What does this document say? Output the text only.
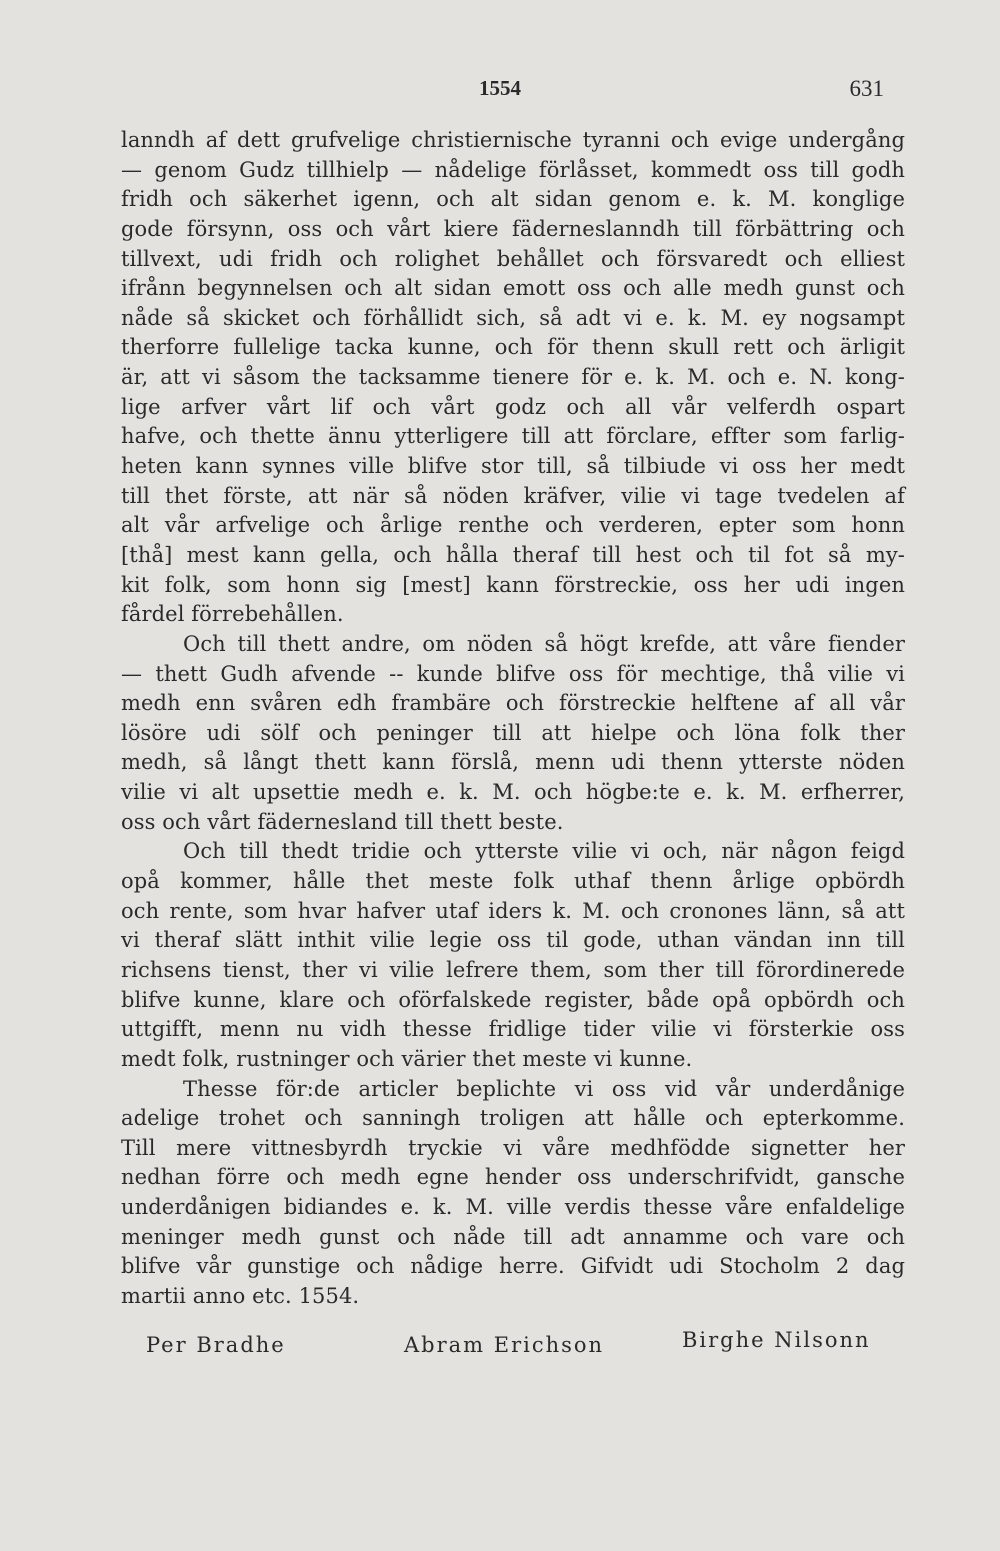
1554	631
lanndh af dett grufvelige christiernische tyranni och evige undergång
— genom Gudz tillhielp — nådelige förlåsset, kommedt oss till godh
fridh och säkerhet igenn, och alt sidan genom e. k. M. konglige
gode försynn, oss och vårt kiere fäderneslanndh till förbättring och
tillvext, udi fridh och rolighet behållet och försvaredt och elliest
ifrånn begynnelsen och alt sidan emott oss och alle medh gunst och
nåde så skicket och förhållidt sich, så adt vi e. k. M. ey nogsampt
therforre fullelige tacka kunne, och för thenn skull rett och ärligit
är, att vi såsom the tacksamme tienere för e. k. M. och e. N. kong-
lige arfver vårt lif och vårt godz och all vår velferdh ospart
hafve, och thette ännu ytterligere till att förclare, effter som farlig-
heten kann synnes ville blifve stor till, så tilbiude vi oss her medt
till thet förste, att när så nöden kräfver, vilie vi tage tvedelen af
alt vår arfvelige och årlige renthe och verderen, epter som honn
[thå] mest kann gella, och hålla theraf till hest och til fot så my-
kit folk, som honn sig [mest] kann förstreckie, oss her udi ingen
fårdel förrebehållen.
Och till thett andre, om nöden så högt krefde, att våre fiender
— thett Gudh afvende -- kunde blifve oss för mechtige, thå vilie vi
medh enn svåren edh frambäre och förstreckie helftene af all vår
lösöre udi sölf och peninger till att hielpe och löna folk ther
medh, så långt thett kann förslå, menn udi thenn ytterste nöden
vilie vi alt upsettie medh e. k. M. och högbe:te e. k. M. erfherrer,
oss och vårt fädernesland till thett beste.
Och till thedt tridie och ytterste vilie vi och, när någon feigd
opå kommer, hålle thet meste folk uthaf thenn årlige opbördh
och rente, som hvar hafver utaf iders k. M. och cronones länn, så att
vi theraf slätt inthit vilie legie oss til gode, uthan vändan inn till
richsens tienst, ther vi vilie lefrere them, som ther till förordinerede
blifve kunne, klare och oförfalskede register, både opå opbördh och
uttgifft, menn nu vidh thesse fridlige tider vilie vi försterkie oss
medt folk, rustninger och värier thet meste vi kunne.
Thesse för:de articler beplichte vi oss vid vår underdånige
adelige trohet och sanningh troligen att hålle och epterkomme.
Till mere vittnesbyrdh tryckie vi våre medhfödde signetter her
nedhan förre och medh egne hender oss underschrifvidt, gansche
underdånigen bidiandes e. k. M. ville verdis thesse våre enfaldelige
meninger medh gunst och nåde till adt annamme och vare och
blifve vår gunstige och nådige herre. Gifvidt udi Stocholm 2 dag
martii anno etc. 1554.
Per Bradhe	Abram Erichson	Birghe Nilsonn
